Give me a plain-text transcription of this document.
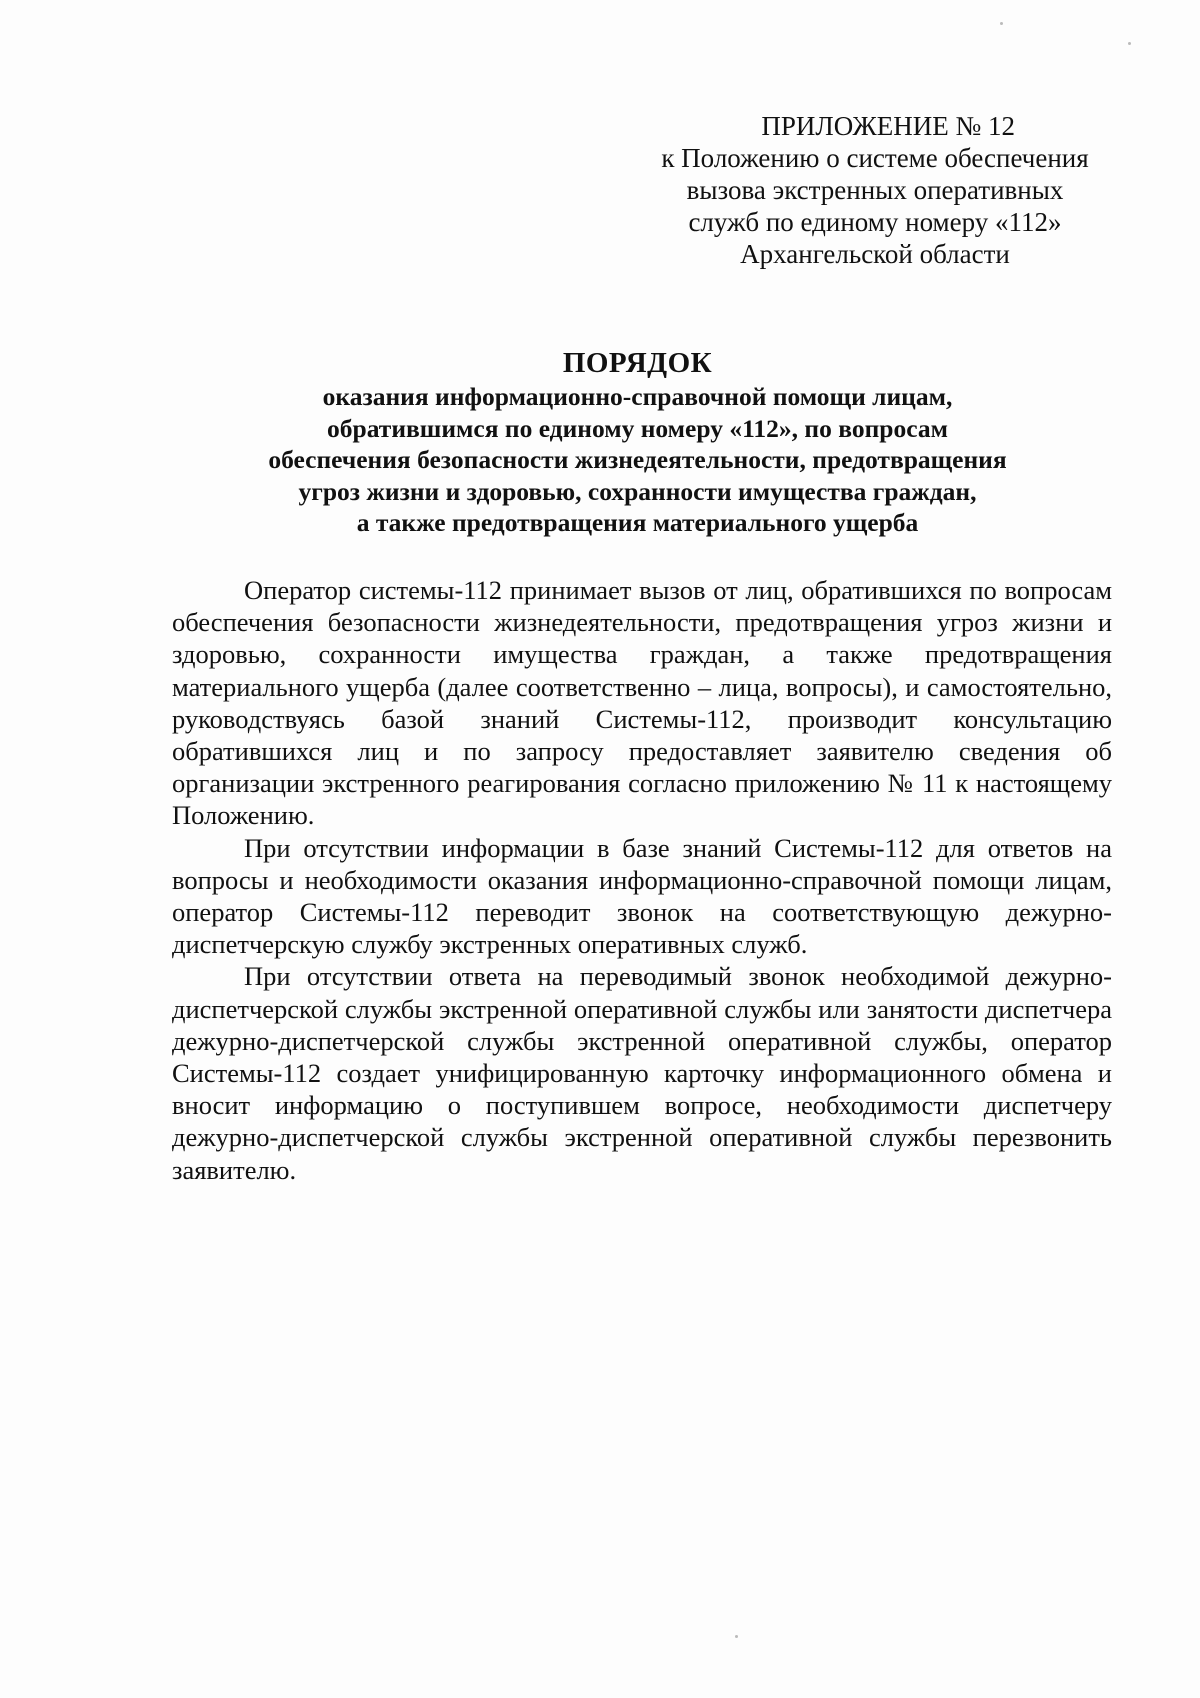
ПРИЛОЖЕНИЕ № 12
к Положению о системе обеспечения
вызова экстренных оперативных
служб по единому номеру «112»
Архангельской области
ПОРЯДОК
оказания информационно-справочной помощи лицам,
обратившимся по единому номеру «112», по вопросам
обеспечения безопасности жизнедеятельности, предотвращения
угроз жизни и здоровью, сохранности имущества граждан,
а также предотвращения материального ущерба

Оператор системы-112 принимает вызов от лиц, обратившихся по вопросам обеспечения безопасности жизнедеятельности, предотвращения угроз жизни и здоровью, сохранности имущества граждан, а также предотвращения материального ущерба (далее соответственно – лица, вопросы), и самостоятельно, руководствуясь базой знаний Системы-112, производит консультацию обратившихся лиц и по запросу предоставляет заявителю сведения об организации экстренного реагирования согласно приложению № 11 к настоящему Положению.

При отсутствии информации в базе знаний Системы-112 для ответов на вопросы и необходимости оказания информационно-справочной помощи лицам, оператор Системы-112 переводит звонок на соответствующую дежурно-диспетчерскую службу экстренных оперативных служб.

При отсутствии ответа на переводимый звонок необходимой дежурно-диспетчерской службы экстренной оперативной службы или занятости диспетчера дежурно-диспетчерской службы экстренной оперативной службы, оператор Системы-112 создает унифицированную карточку информационного обмена и вносит информацию о поступившем вопросе, необходимости диспетчеру дежурно-диспетчерской службы экстренной оперативной службы перезвонить заявителю.
